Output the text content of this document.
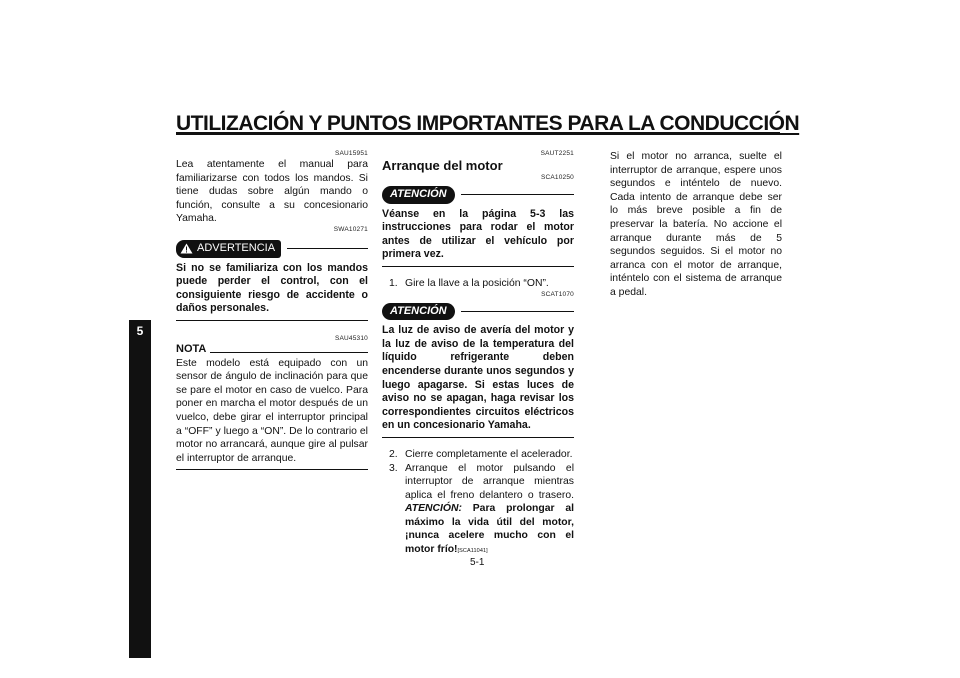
UTILIZACIÓN Y PUNTOS IMPORTANTES PARA LA CONDUCCIÓN
5
SAU15951

Lea atentamente el manual para familiarizarse con todos los mandos. Si tiene dudas sobre algún mando o función, consulte a su concesionario Yamaha.

SWA10271
ADVERTENCIA

Si no se familiariza con los mandos puede perder el control, con el consiguiente riesgo de accidente o daños personales.

SAU45310
NOTA

Este modelo está equipado con un sensor de ángulo de inclinación para que se pare el motor en caso de vuelco. Para poner en marcha el motor después de un vuelco, debe girar el interruptor principal a “OFF” y luego a “ON”. De lo contrario el motor no arrancará, aunque gire al pulsar el interruptor de arranque.

SAUT2251
Arranque del motor
SCA10250
ATENCIÓN

Véanse en la página 5-3 las instrucciones para rodar el motor antes de utilizar el vehículo por primera vez.

1. Gire la llave a la posición “ON”.
SCAT1070
ATENCIÓN

La luz de aviso de avería del motor y la luz de aviso de la temperatura del líquido refrigerante deben encenderse durante unos segundos y luego apagarse. Si estas luces de aviso no se apagan, haga revisar los correspondientes circuitos eléctricos en un concesionario Yamaha.

2. Cierre completamente el acelerador.
3. Arranque el motor pulsando el interruptor de arranque mientras aplica el freno delantero o trasero. ATENCIÓN: Para prolongar al máximo la vida útil del motor, ¡nunca acelere mucho con el motor frío![SCA11041]

Si el motor no arranca, suelte el interruptor de arranque, espere unos segundos e inténtelo de nuevo. Cada intento de arranque debe ser lo más breve posible a fin de preservar la batería. No accione el arranque durante más de 5 segundos seguidos. Si el motor no arranca con el motor de arranque, inténtelo con el sistema de arranque a pedal.

5-1
